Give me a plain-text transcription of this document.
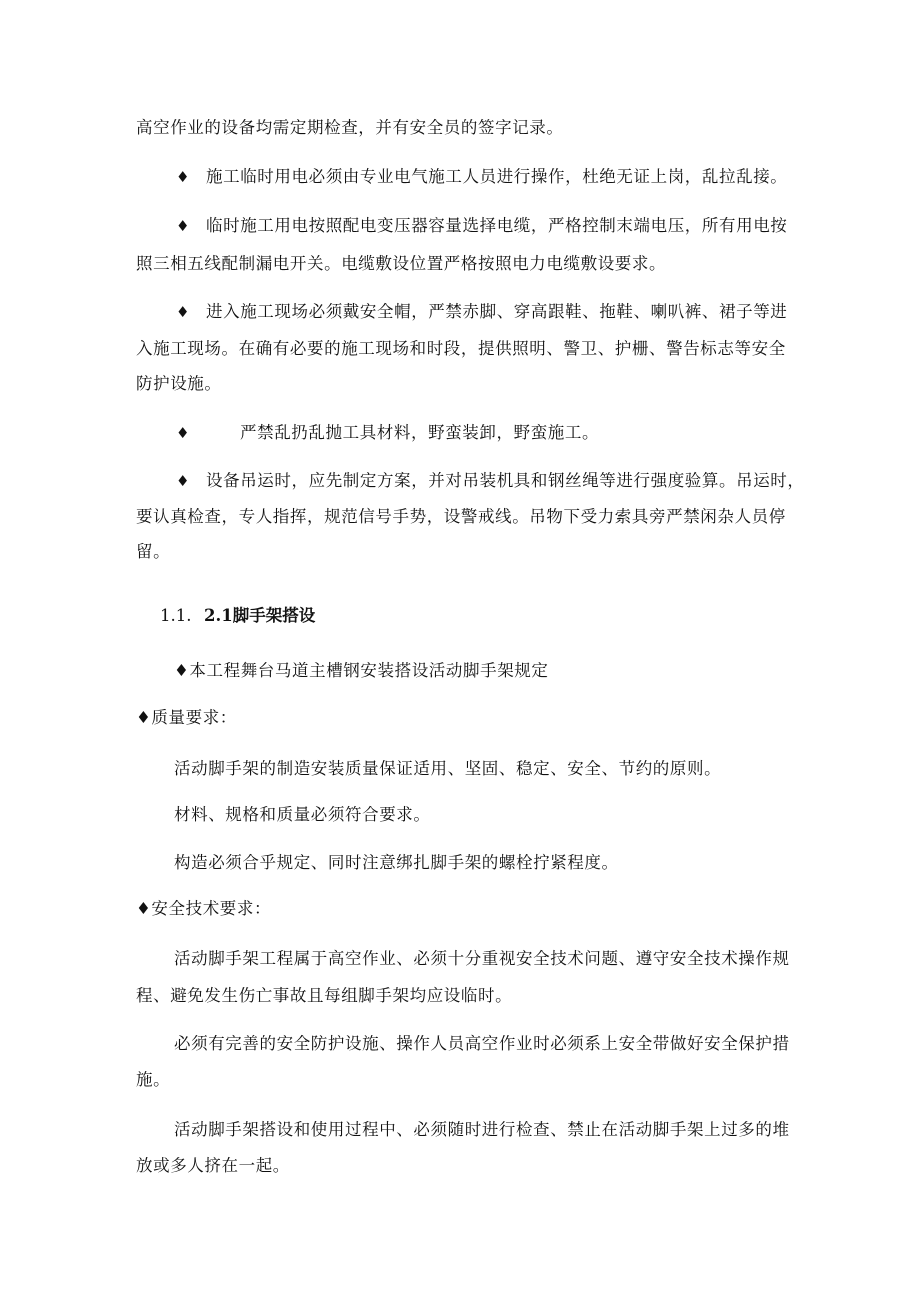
高空作业的设备均需定期检查，并有安全员的签字记录。
♦ 施工临时用电必须由专业电气施工人员进行操作，杜绝无证上岗，乱拉乱接。
♦ 临时施工用电按照配电变压器容量选择电缆，严格控制末端电压，所有用电按
照三相五线配制漏电开关。电缆敷设位置严格按照电力电缆敷设要求。
♦ 进入施工现场必须戴安全帽，严禁赤脚、穿高跟鞋、拖鞋、喇叭裤、裙子等进
入施工现场。在确有必要的施工现场和时段，提供照明、警卫、护栅、警告标志等安全
防护设施。
♦	严禁乱扔乱抛工具材料，野蛮装卸，野蛮施工。
♦ 设备吊运时，应先制定方案，并对吊装机具和钢丝绳等进行强度验算。吊运时，
要认真检查，专人指挥，规范信号手势，设警戒线。吊物下受力索具旁严禁闲杂人员停
留。
1.1. 2.1脚手架搭设
♦本工程舞台马道主槽钢安装搭设活动脚手架规定
♦质量要求：
活动脚手架的制造安装质量保证适用、坚固、稳定、安全、节约的原则。
材料、规格和质量必须符合要求。
构造必须合乎规定、同时注意绑扎脚手架的螺栓拧紧程度。
♦安全技术要求：
活动脚手架工程属于高空作业、必须十分重视安全技术问题、遵守安全技术操作规
程、避免发生伤亡事故且每组脚手架均应设临时。
必须有完善的安全防护设施、操作人员高空作业时必须系上安全带做好安全保护措
施。
活动脚手架搭设和使用过程中、必须随时进行检查、禁止在活动脚手架上过多的堆
放或多人挤在一起。
